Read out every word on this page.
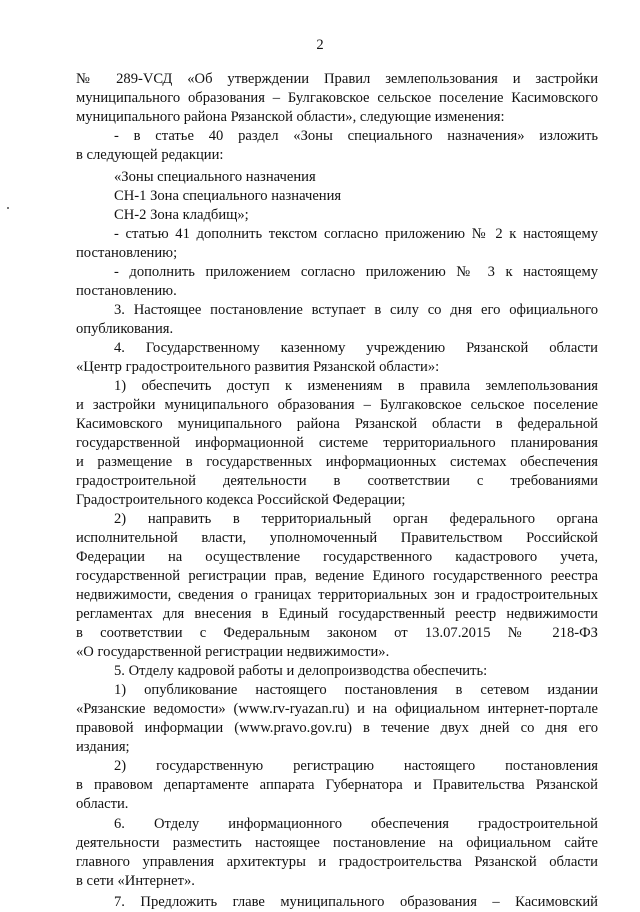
2
№ 289-VСД «Об утверждении Правил землепользования и застройки
муниципального образования – Булгаковское сельское поселение Касимовского
муниципального района Рязанской области», следующие изменения:
- в статье 40 раздел «Зоны специального назначения» изложить
в следующей редакции:
«Зоны специального назначения
СН-1 Зона специального назначения
СН-2 Зона кладбищ»;
- статью 41 дополнить текстом согласно приложению № 2 к настоящему
постановлению;
- дополнить приложением согласно приложению № 3 к настоящему
постановлению.
3. Настоящее постановление вступает в силу со дня его официального
опубликования.
4. Государственному казенному учреждению Рязанской области
«Центр градостроительного развития Рязанской области»:
1) обеспечить доступ к изменениям в правила землепользования
и застройки муниципального образования – Булгаковское сельское поселение
Касимовского муниципального района Рязанской области в федеральной
государственной информационной системе территориального планирования
и размещение в государственных информационных системах обеспечения
градостроительной деятельности в соответствии с требованиями
Градостроительного кодекса Российской Федерации;
2) направить в территориальный орган федерального органа
исполнительной власти, уполномоченный Правительством Российской
Федерации на осуществление государственного кадастрового учета,
государственной регистрации прав, ведение Единого государственного реестра
недвижимости, сведения о границах территориальных зон и градостроительных
регламентах для внесения в Единый государственный реестр недвижимости
в соответствии с Федеральным законом от 13.07.2015 № 218-ФЗ
«О государственной регистрации недвижимости».
5. Отделу кадровой работы и делопроизводства обеспечить:
1) опубликование настоящего постановления в сетевом издании
«Рязанские ведомости» (www.rv-ryazan.ru) и на официальном интернет-портале
правовой информации (www.pravo.gov.ru) в течение двух дней со дня его
издания;
2) государственную регистрацию настоящего постановления
в правовом департаменте аппарата Губернатора и Правительства Рязанской
области.
6. Отделу информационного обеспечения градостроительной
деятельности разместить настоящее постановление на официальном сайте
главного управления архитектуры и градостроительства Рязанской области
в сети «Интернет».
7. Предложить главе муниципального образования – Касимовский
